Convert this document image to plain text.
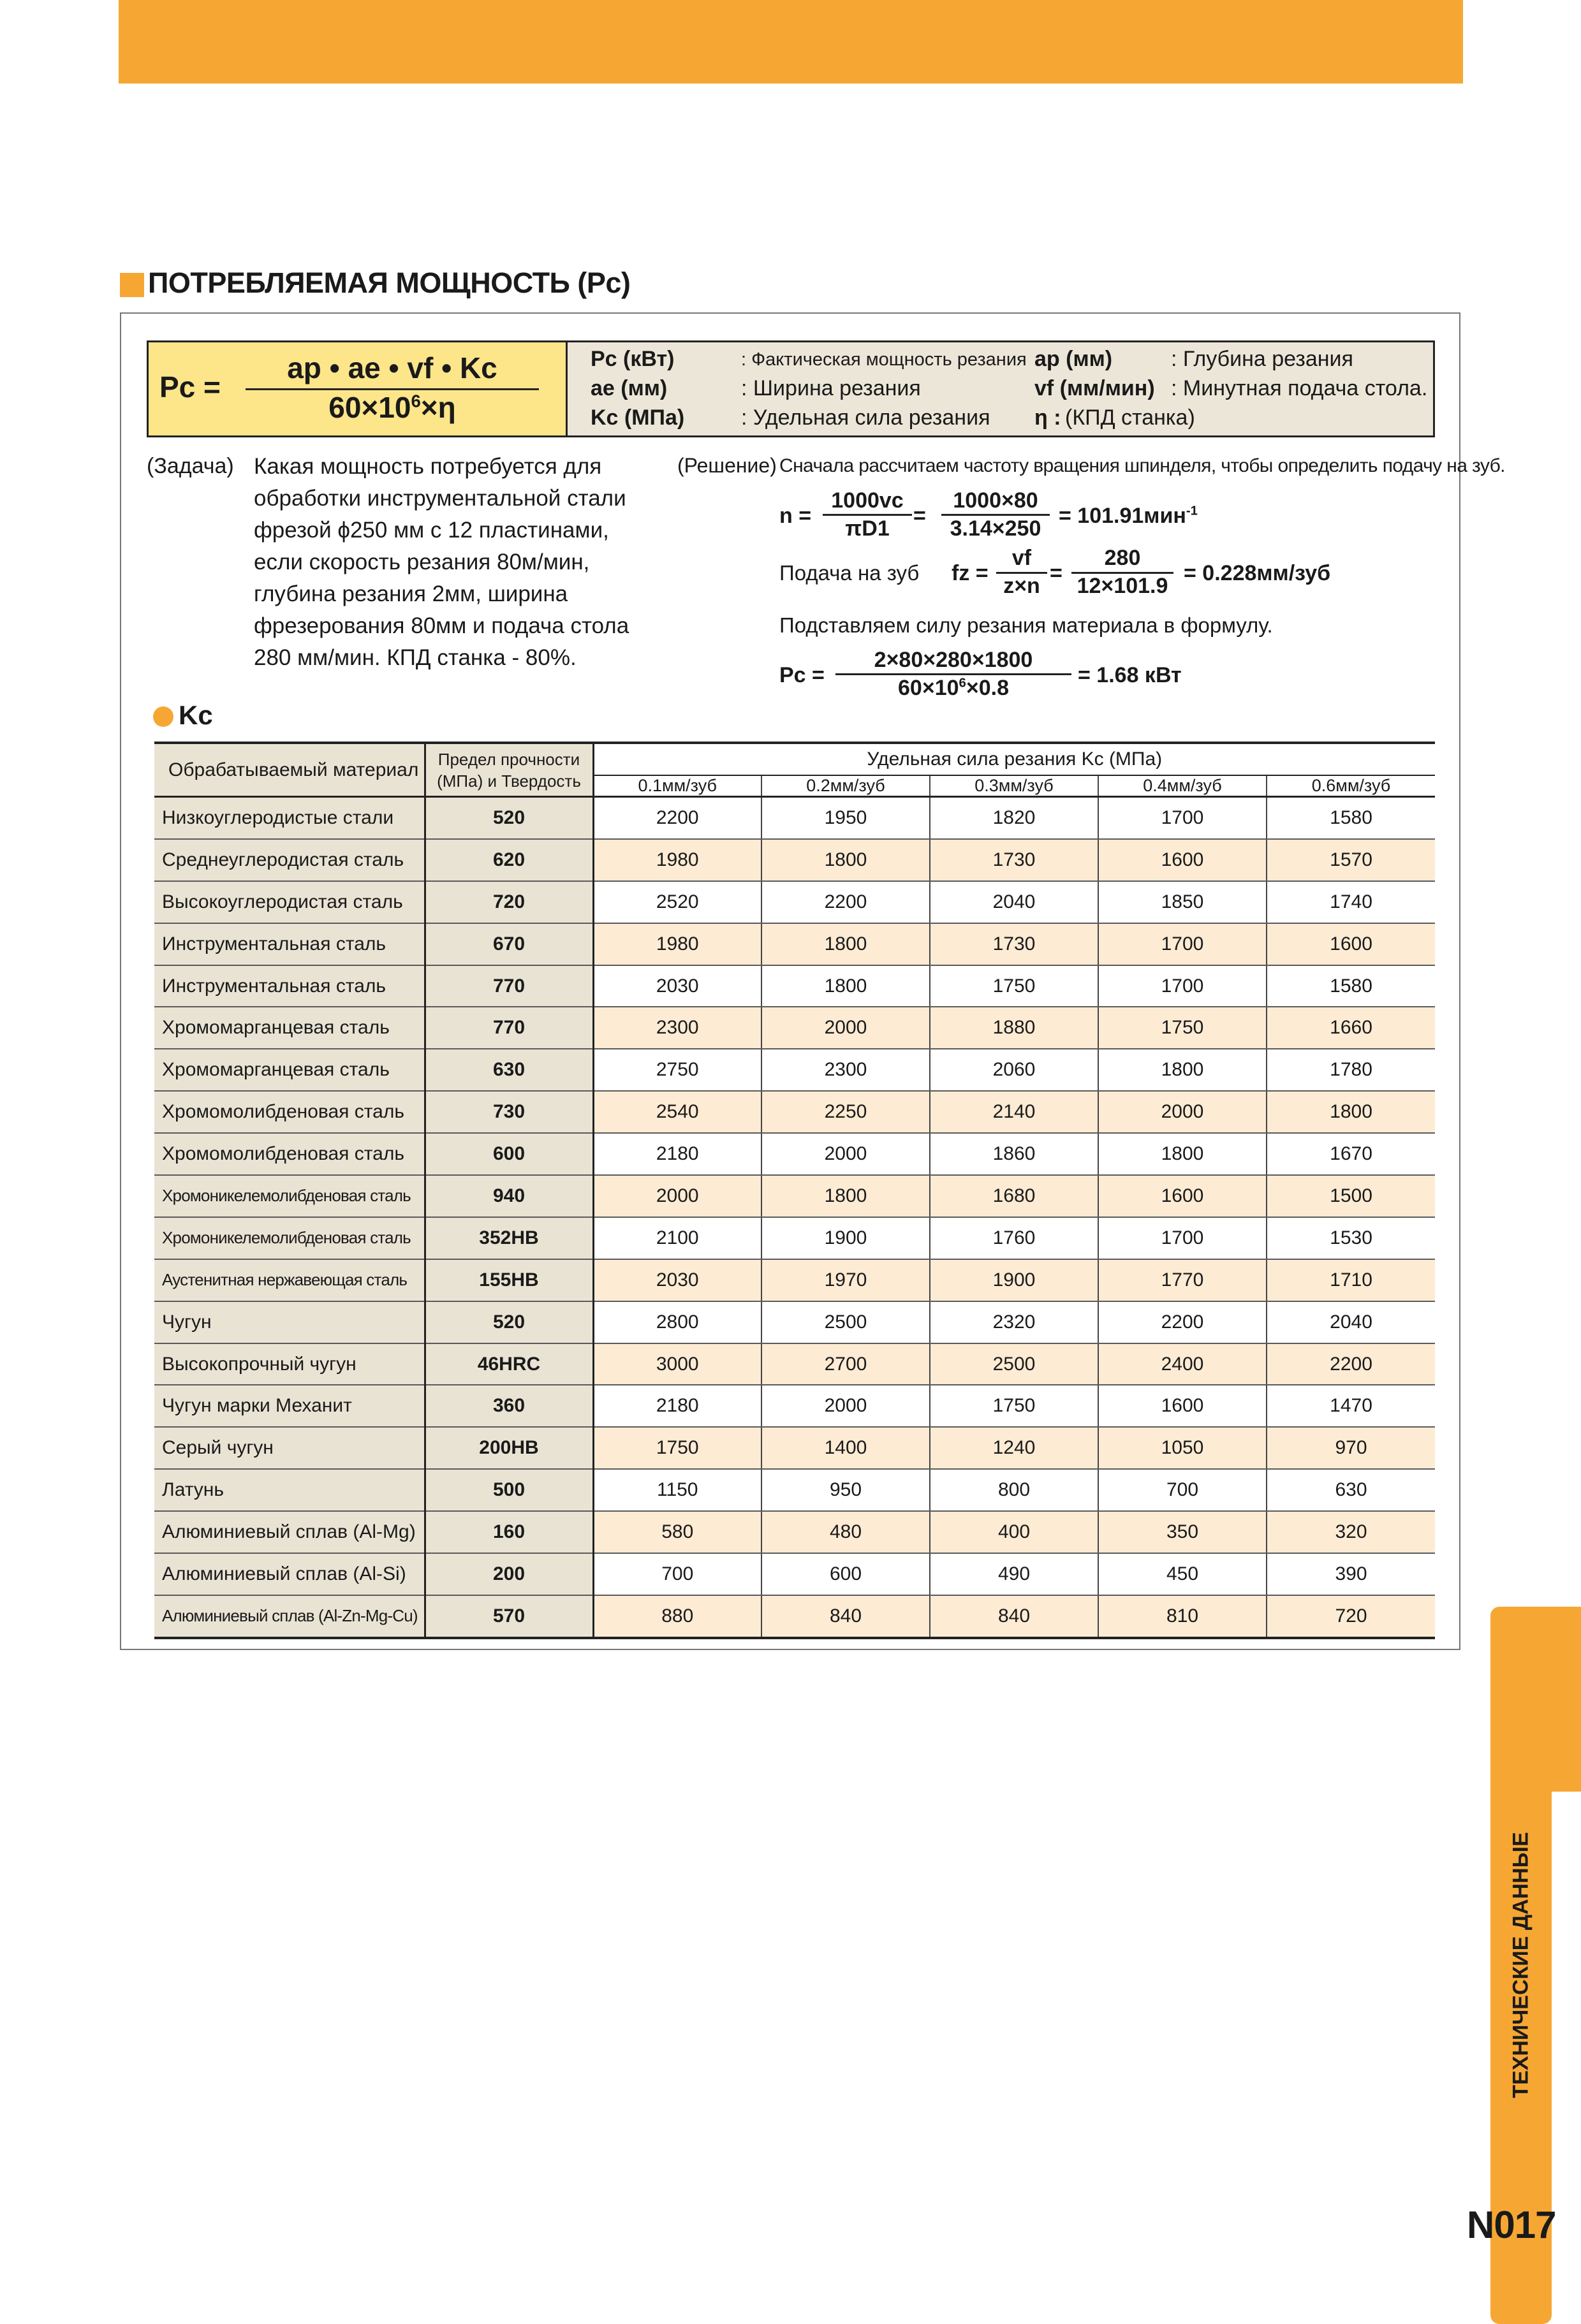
ПОТРЕБЛЯЕМАЯ МОЩНОСТЬ (Pc)
Pc =
ap • ae • vf • Kc
$60\times 10^6\times\eta$
Pc (кВт)	: Фактическая мощность резания
ae (мм)	: Ширина резания
Kc (МПа)	: Удельная сила резания
ap (мм)	: Глубина резания
vf (мм/мин) : Минутная подача стола.
η : (КПД станка)
(Задача) Какая мощность потребуется для
обработки инструментальной стали
фрезой ϕ250 мм с 12 пластинами,
если скорость резания 80м/мин,
глубина резания 2мм, ширина
фрезерования 80мм и подача стола
280 мм/мин. КПД станка - 80%.
(Решение) Сначала рассчитаем частоту вращения шпинделя, чтобы определить подачу на зуб.
n =
1000vc
πD1
=
1000×80
3.14×250
= 101.91мин$^{-1}$
Подача на зуб fz =
vf
z×n
=
280
12×101.9
= 0.228мм/зуб
Подставляем силу резания материала в формулу.
Pc =
2×80×280×1800
$60\times 10^6\times 0.8$
= 1.68 кВт
Kc
Обрабатываемый материал	Предел прочности
(МПа) и Твердость	Удельная сила резания Kc (МПа)				
		0.1мм/зуб	0.2мм/зуб	0.3мм/зуб	0.4мм/зуб	0.6мм/зуб
Низкоуглеродистые стали	520	2200	1950	1820	1700	1580
Среднеуглеродистая сталь	620	1980	1800	1730	1600	1570
Высокоуглеродистая сталь	720	2520	2200	2040	1850	1740
Инструментальная сталь	670	1980	1800	1730	1700	1600
Инструментальная сталь	770	2030	1800	1750	1700	1580
Хромомарганцевая сталь	770	2300	2000	1880	1750	1660
Хромомарганцевая сталь	630	2750	2300	2060	1800	1780
Хромомолибденовая сталь	730	2540	2250	2140	2000	1800
Хромомолибденовая сталь	600	2180	2000	1860	1800	1670
Хромоникелемолибденовая сталь	940	2000	1800	1680	1600	1500
Хромоникелемолибденовая сталь	352HB	2100	1900	1760	1700	1530
Аустенитная нержавеющая сталь	155HB	2030	1970	1900	1770	1710
Чугун	520	2800	2500	2320	2200	2040
Высокопрочный чугун	46HRC	3000	2700	2500	2400	2200
Чугун марки Механит	360	2180	2000	1750	1600	1470
Серый чугун	200HB	1750	1400	1240	1050	970
Латунь	500	1150	950	800	700	630
Алюминиевый сплав (Al-Mg)	160	580	480	400	350	320
Алюминиевый сплав (Al-Si)	200	700	600	490	450	390
Алюминиевый сплав (Al-Zn-Mg-Cu)	570	880	840	840	810	720
ТЕХНИЧЕСКИЕ ДАННЫЕ
N017
